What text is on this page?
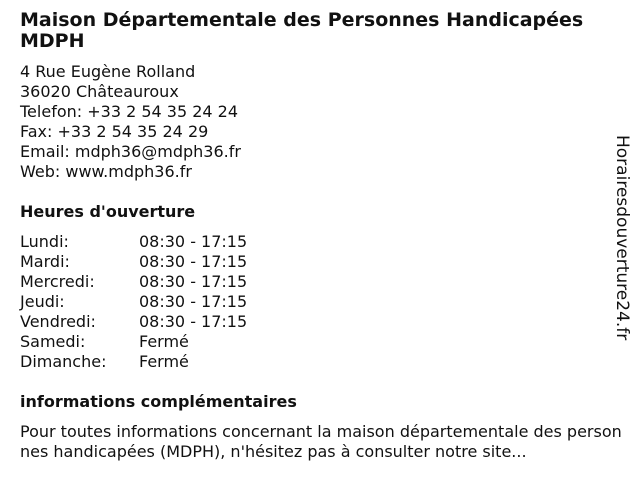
Maison Départementale des Personnes Handicapées
MDPH
4 Rue Eugène Rolland
36020 Châteauroux
Telefon: +33 2 54 35 24 24
Fax: +33 2 54 35 24 29
Email: mdph36@mdph36.fr
Web: www.mdph36.fr
Heures d'ouverture
Lundi:	08:30 - 17:15
Mardi:	08:30 - 17:15
Mercredi:	08:30 - 17:15
Jeudi:	08:30 - 17:15
Vendredi:	08:30 - 17:15
Samedi:	Fermé
Dimanche:	Fermé
informations complémentaires
Pour toutes informations concernant la maison départementale des personnes handicapées (MDPH), n'hésitez pas à consulter notre site...
Horairesdouverture24.fr
